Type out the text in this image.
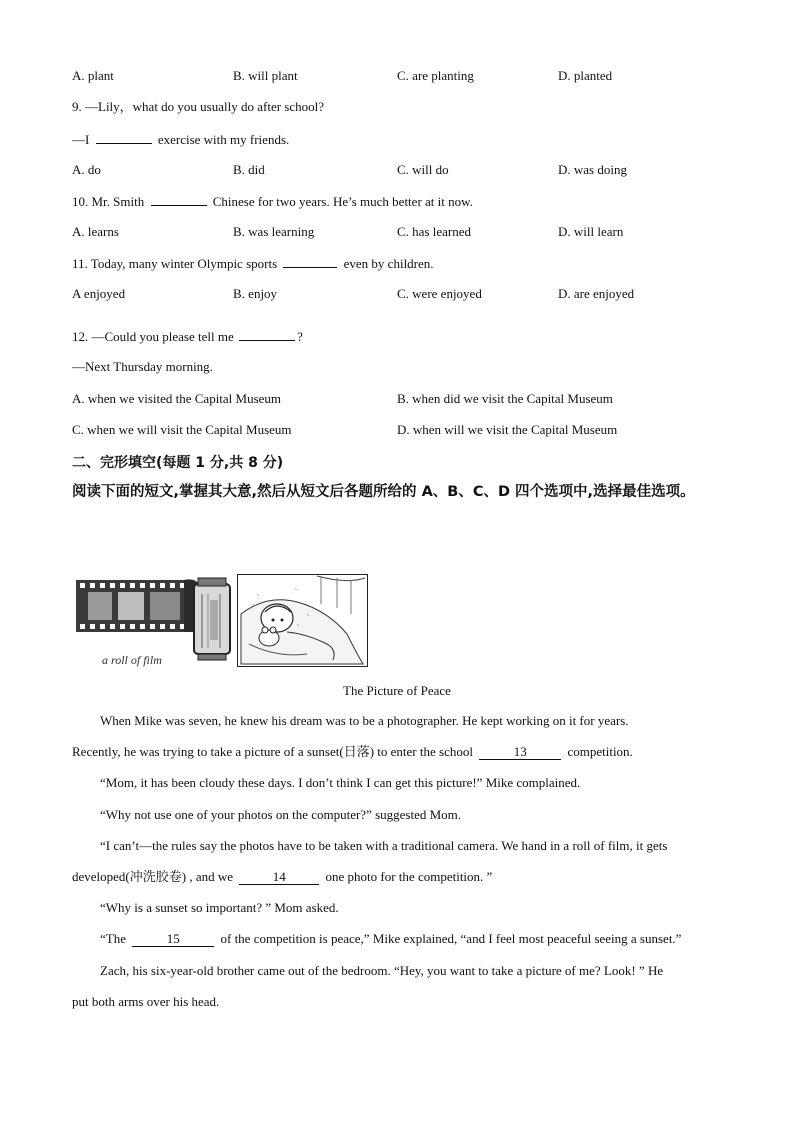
A. plant	B. will plant	C. are planting	D. planted
9. —Lily，what do you usually do after school?
—I	exercise with my friends.
A. do	B. did	C. will do	D. was doing
10. Mr. Smith	Chinese for two years. He’s much better at it now.
A. learns	B. was learning	C. has learned	D. will learn
11. Today, many winter Olympic sports	even by children.
A enjoyed	B. enjoy	C. were enjoyed	D. are enjoyed
12. —Could you please tell me	?
—Next Thursday morning.
A. when we visited the Capital Museum	B. when did we visit the Capital Museum
C. when we will visit the Capital Museum	D. when will we visit the Capital Museum
二、完形填空(每题 1 分,共 8 分)
阅读下面的短文,掌握其大意,然后从短文后各题所给的 A、B、C、D 四个选项中,选择最佳选项。
a roll of film
The Picture of Peace
When Mike was seven, he knew his dream was to be a photographer. He kept working on it for years.
Recently, he was trying to take a picture of a sunset(日落) to enter the school	13	competition.
“Mom, it has been cloudy these days. I don’t think I can get this picture!” Mike complained.
“Why not use one of your photos on the computer?” suggested Mom.
“I can’t—the rules say the photos have to be taken with a traditional camera. We hand in a roll of film, it gets
developed(冲洗胶卷) , and we	14	one photo for the competition. ”
“Why is a sunset so important? ” Mom asked.
“The	15	of the competition is peace,” Mike explained, “and I feel most peaceful seeing a sunset.”
Zach, his six-year-old brother came out of the bedroom. “Hey, you want to take a picture of me? Look! ” He
put both arms over his head.
